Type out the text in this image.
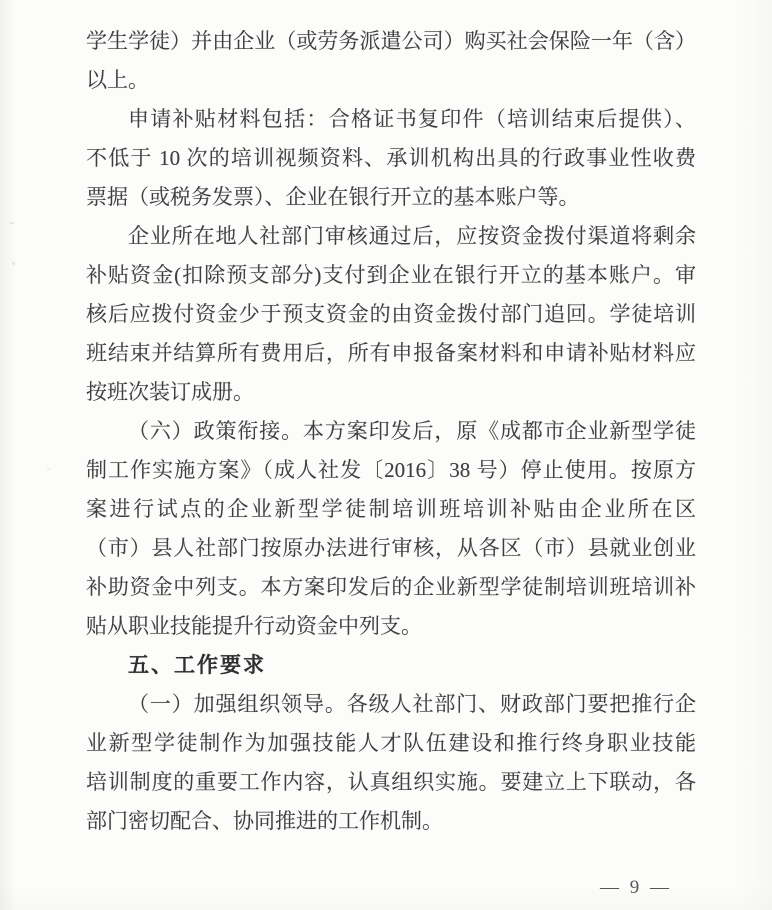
学生学徒）并由企业（或劳务派遣公司）购买社会保险一年（含）
以上。
申请补贴材料包括：合格证书复印件（培训结束后提供）、
不低于 10 次的培训视频资料、承训机构出具的行政事业性收费
票据（或税务发票）、企业在银行开立的基本账户等。
企业所在地人社部门审核通过后，应按资金拨付渠道将剩余
补贴资金(扣除预支部分)支付到企业在银行开立的基本账户。审
核后应拨付资金少于预支资金的由资金拨付部门追回。学徒培训
班结束并结算所有费用后，所有申报备案材料和申请补贴材料应
按班次装订成册。
（六）政策衔接。本方案印发后，原《成都市企业新型学徒
制工作实施方案》（成人社发〔2016〕38 号）停止使用。按原方
案进行试点的企业新型学徒制培训班培训补贴由企业所在区
（市）县人社部门按原办法进行审核，从各区（市）县就业创业
补助资金中列支。本方案印发后的企业新型学徒制培训班培训补
贴从职业技能提升行动资金中列支。
五、工作要求
（一）加强组织领导。各级人社部门、财政部门要把推行企
业新型学徒制作为加强技能人才队伍建设和推行终身职业技能
培训制度的重要工作内容，认真组织实施。要建立上下联动，各
部门密切配合、协同推进的工作机制。
— 9 —
